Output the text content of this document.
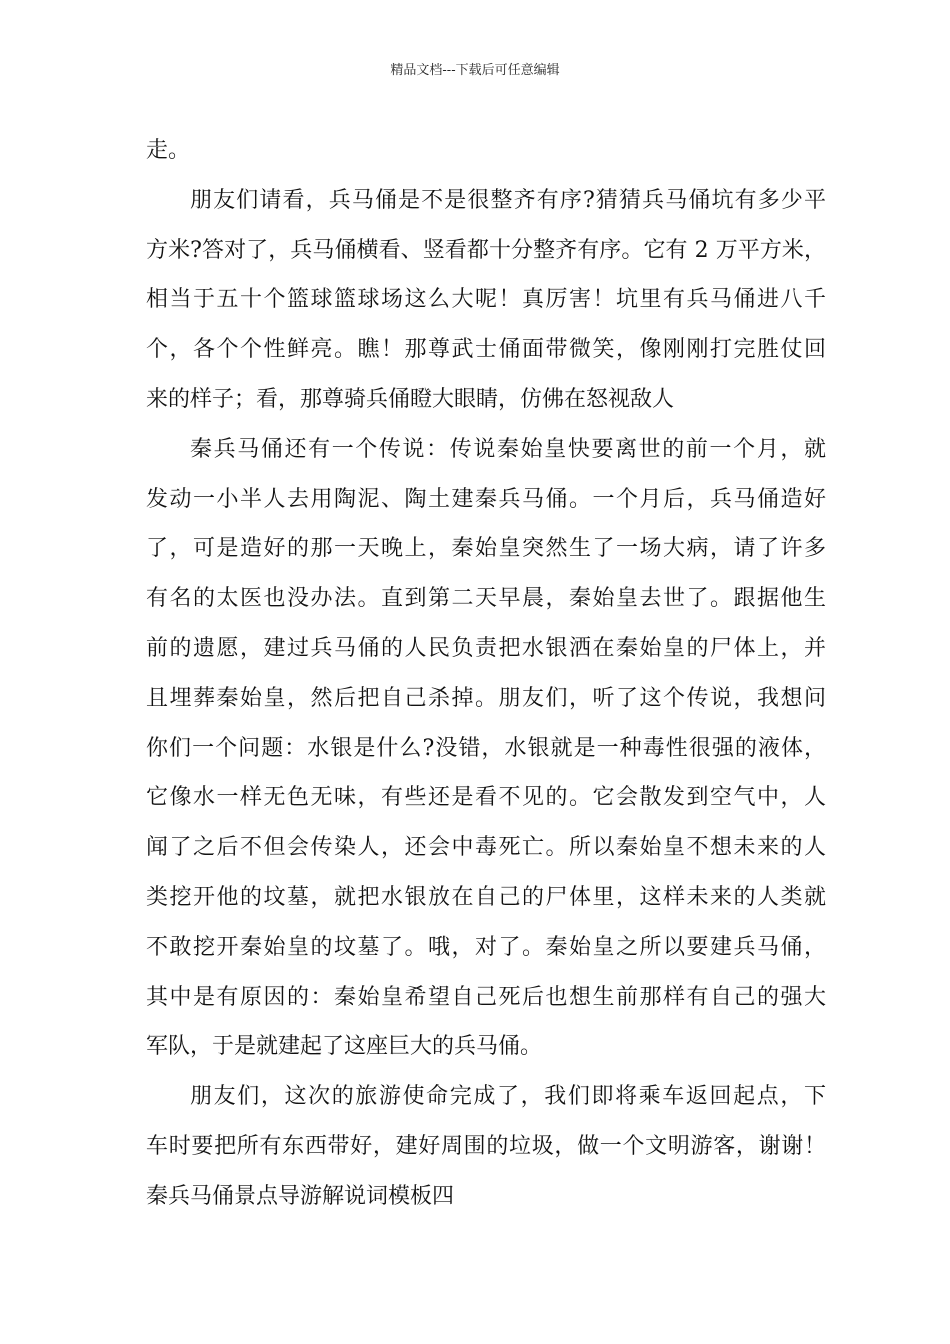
精品文档---下载后可任意编辑
走。
朋友们请看，兵马俑是不是很整齐有序?猜猜兵马俑坑有多少平
方米?答对了，兵马俑横看、竖看都十分整齐有序。它有 2 万平方米，
相当于五十个篮球篮球场这么大呢！真厉害！坑里有兵马俑进八千
个，各个个性鲜亮。瞧！那尊武士俑面带微笑，像刚刚打完胜仗回
来的样子；看，那尊骑兵俑瞪大眼睛，仿佛在怒视敌人
秦兵马俑还有一个传说：传说秦始皇快要离世的前一个月，就
发动一小半人去用陶泥、陶土建秦兵马俑。一个月后，兵马俑造好
了，可是造好的那一天晚上，秦始皇突然生了一场大病，请了许多
有名的太医也没办法。直到第二天早晨，秦始皇去世了。跟据他生
前的遗愿，建过兵马俑的人民负责把水银洒在秦始皇的尸体上，并
且埋葬秦始皇，然后把自己杀掉。朋友们，听了这个传说，我想问
你们一个问题：水银是什么?没错，水银就是一种毒性很强的液体，
它像水一样无色无味，有些还是看不见的。它会散发到空气中，人
闻了之后不但会传染人，还会中毒死亡。所以秦始皇不想未来的人
类挖开他的坟墓，就把水银放在自己的尸体里，这样未来的人类就
不敢挖开秦始皇的坟墓了。哦，对了。秦始皇之所以要建兵马俑，
其中是有原因的：秦始皇希望自己死后也想生前那样有自己的强大
军队，于是就建起了这座巨大的兵马俑。
朋友们，这次的旅游使命完成了，我们即将乘车返回起点，下
车时要把所有东西带好，建好周围的垃圾，做一个文明游客，谢谢！
秦兵马俑景点导游解说词模板四
